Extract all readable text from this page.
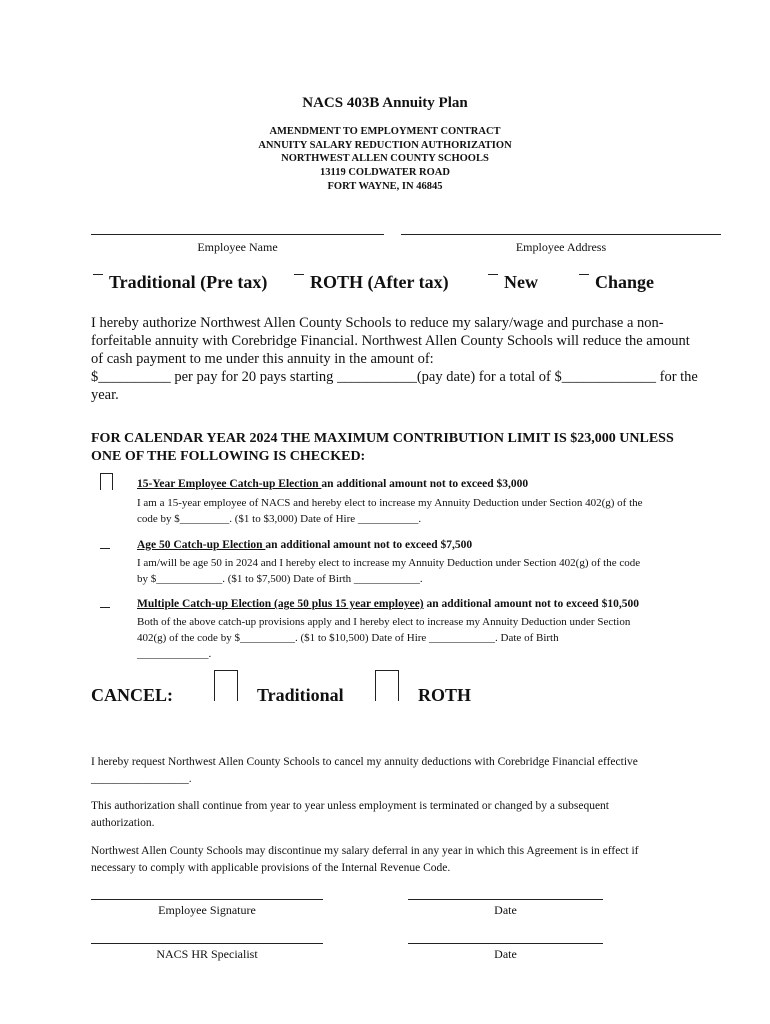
NACS 403B Annuity Plan
AMENDMENT TO EMPLOYMENT CONTRACT
ANNUITY SALARY REDUCTION AUTHORIZATION
NORTHWEST ALLEN COUNTY SCHOOLS
13119 COLDWATER ROAD
FORT WAYNE, IN 46845
Employee Name	Employee Address
Traditional (Pre tax)	ROTH (After tax)	New	Change
I hereby authorize Northwest Allen County Schools to reduce my salary/wage and purchase a non-
forfeitable annuity with Corebridge Financial. Northwest Allen County Schools will reduce the amount
of cash payment to me under this annuity in the amount of:
$__________ per pay for 20 pays starting ___________(pay date) for a total of $_____________ for the
year.
FOR CALENDAR YEAR 2024 THE MAXIMUM CONTRIBUTION LIMIT IS $23,000 UNLESS
ONE OF THE FOLLOWING IS CHECKED:
15-Year Employee Catch-up Election an additional amount not to exceed $3,000
I am a 15-year employee of NACS and hereby elect to increase my Annuity Deduction under Section 402(g) of the
code by $_________. ($1 to $3,000) Date of Hire ___________.
Age 50 Catch-up Election an additional amount not to exceed $7,500
I am/will be age 50 in 2024 and I hereby elect to increase my Annuity Deduction under Section 402(g) of the code
by $____________. ($1 to $7,500) Date of Birth ____________.
Multiple Catch-up Election (age 50 plus 15 year employee) an additional amount not to exceed $10,500
Both of the above catch-up provisions apply and I hereby elect to increase my Annuity Deduction under Section
402(g) of the code by $__________. ($1 to $10,500) Date of Hire ____________. Date of Birth
_____________.
CANCEL:	Traditional	ROTH
I hereby request Northwest Allen County Schools to cancel my annuity deductions with Corebridge Financial effective
_________________.
This authorization shall continue from year to year unless employment is terminated or changed by a subsequent
authorization.
Northwest Allen County Schools may discontinue my salary deferral in any year in which this Agreement is in effect if
necessary to comply with applicable provisions of the Internal Revenue Code.
Employee Signature	Date
NACS HR Specialist	Date
